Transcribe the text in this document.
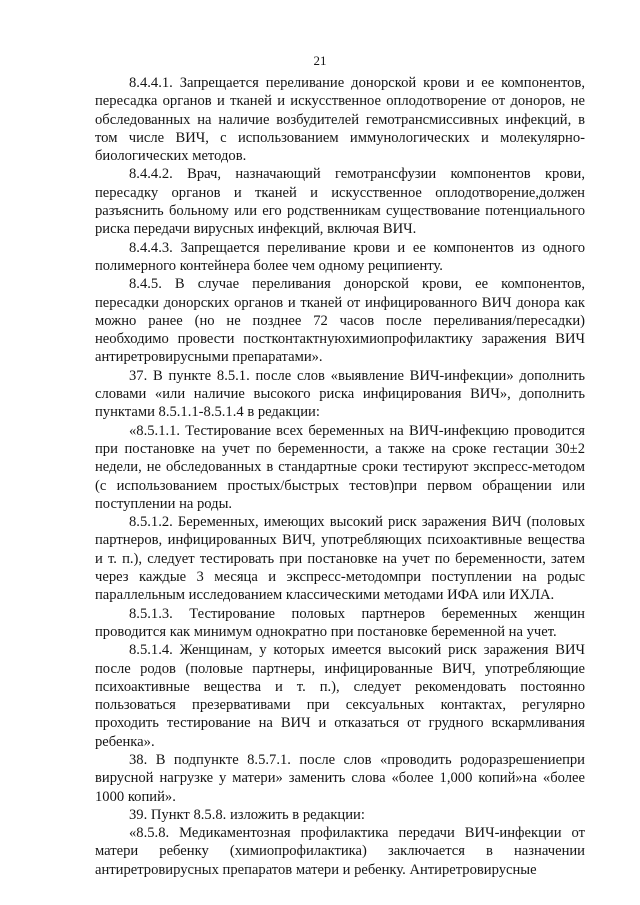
21

8.4.4.1. Запрещается переливание донорской крови и ее компонентов, пересадка органов и тканей и искусственное оплодотворение от доноров, не обследованных на наличие возбудителей гемотрансмиссивных инфекций, в том числе ВИЧ, с использованием иммунологических и молекулярно-биологических методов.

8.4.4.2. Врач, назначающий гемотрансфузии компонентов крови, пересадку органов и тканей и искусственное оплодотворение,должен разъяснить больному или его родственникам существование потенциального риска передачи вирусных инфекций, включая ВИЧ.

8.4.4.3. Запрещается переливание крови и ее компонентов из одного полимерного контейнера более чем одному реципиенту.

8.4.5. В случае переливания донорской крови, ее компонентов, пересадки донорских органов и тканей от инфицированного ВИЧ донора как можно ранее (но не позднее 72 часов после переливания/пересадки) необходимо провести постконтактнуюхимиопрофилактику заражения ВИЧ антиретровирусными препаратами».

37. В пункте 8.5.1. после слов «выявление ВИЧ-инфекции» дополнить словами «или наличие высокого риска инфицирования ВИЧ», дополнить пунктами 8.5.1.1-8.5.1.4 в редакции:

«8.5.1.1. Тестирование всех беременных на ВИЧ-инфекцию проводится при постановке на учет по беременности, а также на сроке гестации 30±2 недели, не обследованных в стандартные сроки тестируют экспресс-методом (с использованием простых/быстрых тестов)при первом обращении или поступлении на роды.

8.5.1.2. Беременных, имеющих высокий риск заражения ВИЧ (половых партнеров, инфицированных ВИЧ, употребляющих психоактивные вещества и т. п.), следует тестировать при постановке на учет по беременности, затем через каждые 3 месяца и экспресс-методомпри поступлении на родыс параллельным исследованием классическими методами ИФА или ИХЛА.

8.5.1.3. Тестирование половых партнеров беременных женщин проводится как минимум однократно при постановке беременной на учет.

8.5.1.4. Женщинам, у которых имеется высокий риск заражения ВИЧ после родов (половые партнеры, инфицированные ВИЧ, употребляющие психоактивные вещества и т. п.), следует рекомендовать постоянно пользоваться презервативами при сексуальных контактах, регулярно проходить тестирование на ВИЧ и отказаться от грудного вскармливания ребенка».

38. В подпункте 8.5.7.1. после слов «проводить родоразрешениепри вирусной нагрузке у матери» заменить слова «более 1,000 копий»на «более 1000 копий».

39. Пункт 8.5.8. изложить в редакции:

«8.5.8. Медикаментозная профилактика передачи ВИЧ-инфекции от матери ребенку (химиопрофилактика) заключается в назначении антиретровирусных препаратов матери и ребенку. Антиретровирусные
